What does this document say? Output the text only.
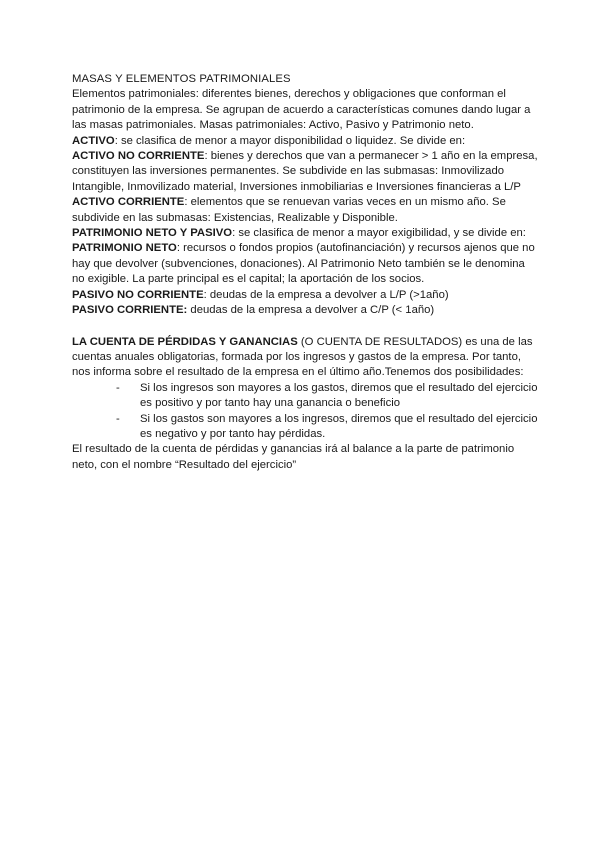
MASAS Y ELEMENTOS PATRIMONIALES

Elementos patrimoniales: diferentes bienes, derechos y obligaciones que conforman el patrimonio de la empresa. Se agrupan de acuerdo a características comunes dando lugar a las masas patrimoniales. Masas patrimoniales: Activo, Pasivo y Patrimonio neto.

ACTIVO: se clasifica de menor a mayor disponibilidad o liquidez. Se divide en:

ACTIVO NO CORRIENTE: bienes y derechos que van a permanecer > 1 año en la empresa, constituyen las inversiones permanentes. Se subdivide en las submasas: Inmovilizado Intangible, Inmovilizado material, Inversiones inmobiliarias e Inversiones financieras a L/P

ACTIVO CORRIENTE: elementos que se renuevan varias veces en un mismo año. Se subdivide en las submasas: Existencias, Realizable y Disponible.

PATRIMONIO NETO Y PASIVO: se clasifica de menor a mayor exigibilidad, y se divide en:

PATRIMONIO NETO: recursos o fondos propios (autofinanciación) y recursos ajenos que no hay que devolver (subvenciones, donaciones). Al Patrimonio Neto también se le denomina no exigible. La parte principal es el capital; la aportación de los socios.

PASIVO NO CORRIENTE: deudas de la empresa a devolver a L/P (>1año)

PASIVO CORRIENTE: deudas de la empresa a devolver a C/P (< 1año)

LA CUENTA DE PÉRDIDAS Y GANANCIAS (O CUENTA DE RESULTADOS) es una de las cuentas anuales obligatorias, formada por los ingresos y gastos de la empresa. Por tanto, nos informa sobre el resultado de la empresa en el último año.Tenemos dos posibilidades:

-	Si los ingresos son mayores a los gastos, diremos que el resultado del ejercicio es positivo y por tanto hay una ganancia o beneficio

-	Si los gastos son mayores a los ingresos, diremos que el resultado del ejercicio es negativo y por tanto hay pérdidas.

El resultado de la cuenta de pérdidas y ganancias irá al balance a la parte de patrimonio neto, con el nombre “Resultado del ejercicio”
